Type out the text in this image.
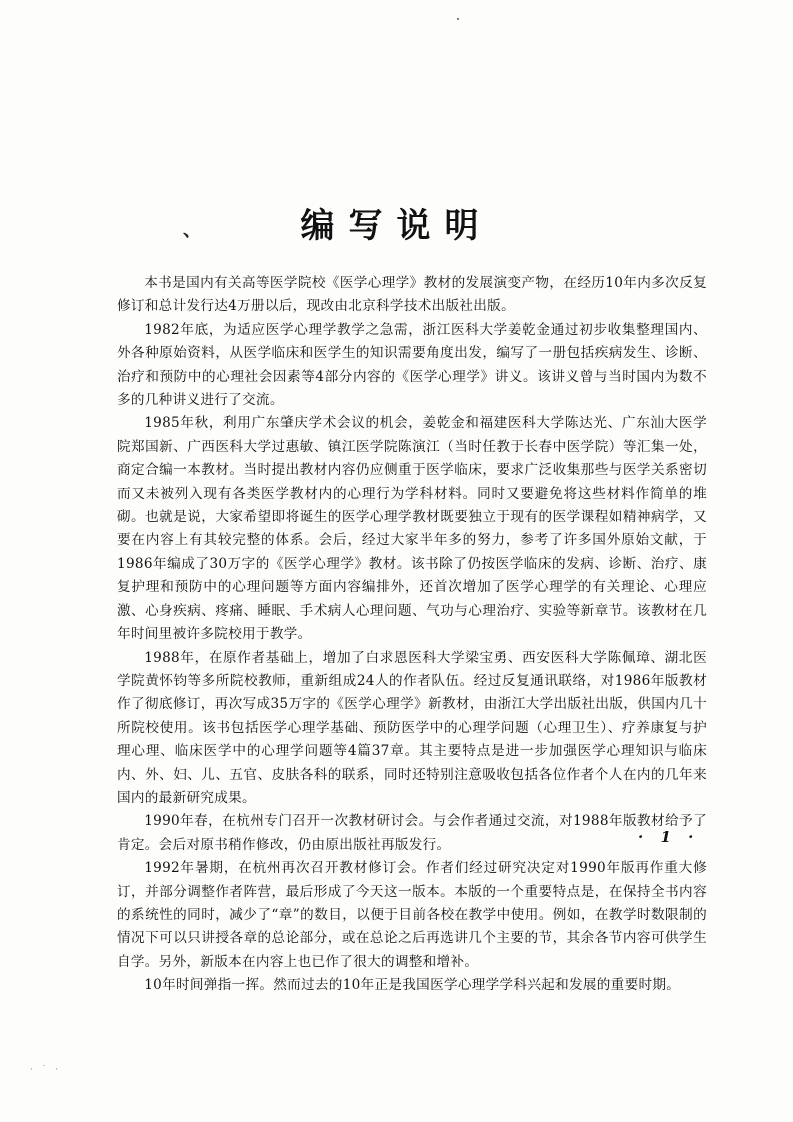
、	编写说明

本书是国内有关高等医学院校《医学心理学》教材的发展演变产物，在经历10年内多次反复修订和总计发行达4万册以后，现改由北京科学技术出版社出版。

1982年底，为适应医学心理学教学之急需，浙江医科大学姜乾金通过初步收集整理国内、外各种原始资料，从医学临床和医学生的知识需要角度出发，编写了一册包括疾病发生、诊断、治疗和预防中的心理社会因素等4部分内容的《医学心理学》讲义。该讲义曾与当时国内为数不多的几种讲义进行了交流。

1985年秋，利用广东肇庆学术会议的机会，姜乾金和福建医科大学陈达光、广东汕大医学院郑国新、广西医科大学过惠敏、镇江医学院陈演江（当时任教于长春中医学院）等汇集一处，商定合编一本教材。当时提出教材内容仍应侧重于医学临床，要求广泛收集那些与医学关系密切而又未被列入现有各类医学教材内的心理行为学科材料。同时又要避免将这些材料作简单的堆砌。也就是说，大家希望即将诞生的医学心理学教材既要独立于现有的医学课程如精神病学，又要在内容上有其较完整的体系。会后，经过大家半年多的努力，参考了许多国外原始文献，于1986年编成了30万字的《医学心理学》教材。该书除了仍按医学临床的发病、诊断、治疗、康复护理和预防中的心理问题等方面内容编排外，还首次增加了医学心理学的有关理论、心理应激、心身疾病、疼痛、睡眠、手术病人心理问题、气功与心理治疗、实验等新章节。该教材在几年时间里被许多院校用于教学。

1988年，在原作者基础上，增加了白求恩医科大学梁宝勇、西安医科大学陈佩璋、湖北医学院黄怀钧等多所院校教师，重新组成24人的作者队伍。经过反复通讯联络，对1986年版教材作了彻底修订，再次写成35万字的《医学心理学》新教材，由浙江大学出版社出版，供国内几十所院校使用。该书包括医学心理学基础、预防医学中的心理学问题（心理卫生）、疗养康复与护理心理、临床医学中的心理学问题等4篇37章。其主要特点是进一步加强医学心理知识与临床内、外、妇、儿、五官、皮肤各科的联系，同时还特别注意吸收包括各位作者个人在内的几年来国内的最新研究成果。

1990年春，在杭州专门召开一次教材研讨会。与会作者通过交流，对1988年版教材给予了肯定。会后对原书稍作修改，仍由原出版社再版发行。

1992年暑期，在杭州再次召开教材修订会。作者们经过研究决定对1990年版再作重大修订，并部分调整作者阵营，最后形成了今天这一版本。本版的一个重要特点是，在保持全书内容的系统性的同时，减少了“章”的数目，以便于目前各校在教学中使用。例如，在教学时数限制的情况下可以只讲授各章的总论部分，或在总论之后再选讲几个主要的节，其余各节内容可供学生自学。另外，新版本在内容上也已作了很大的调整和增补。

10年时间弹指一挥。然而过去的10年正是我国医学心理学学科兴起和发展的重要时期。

· 1 ·
· ˙ ·
